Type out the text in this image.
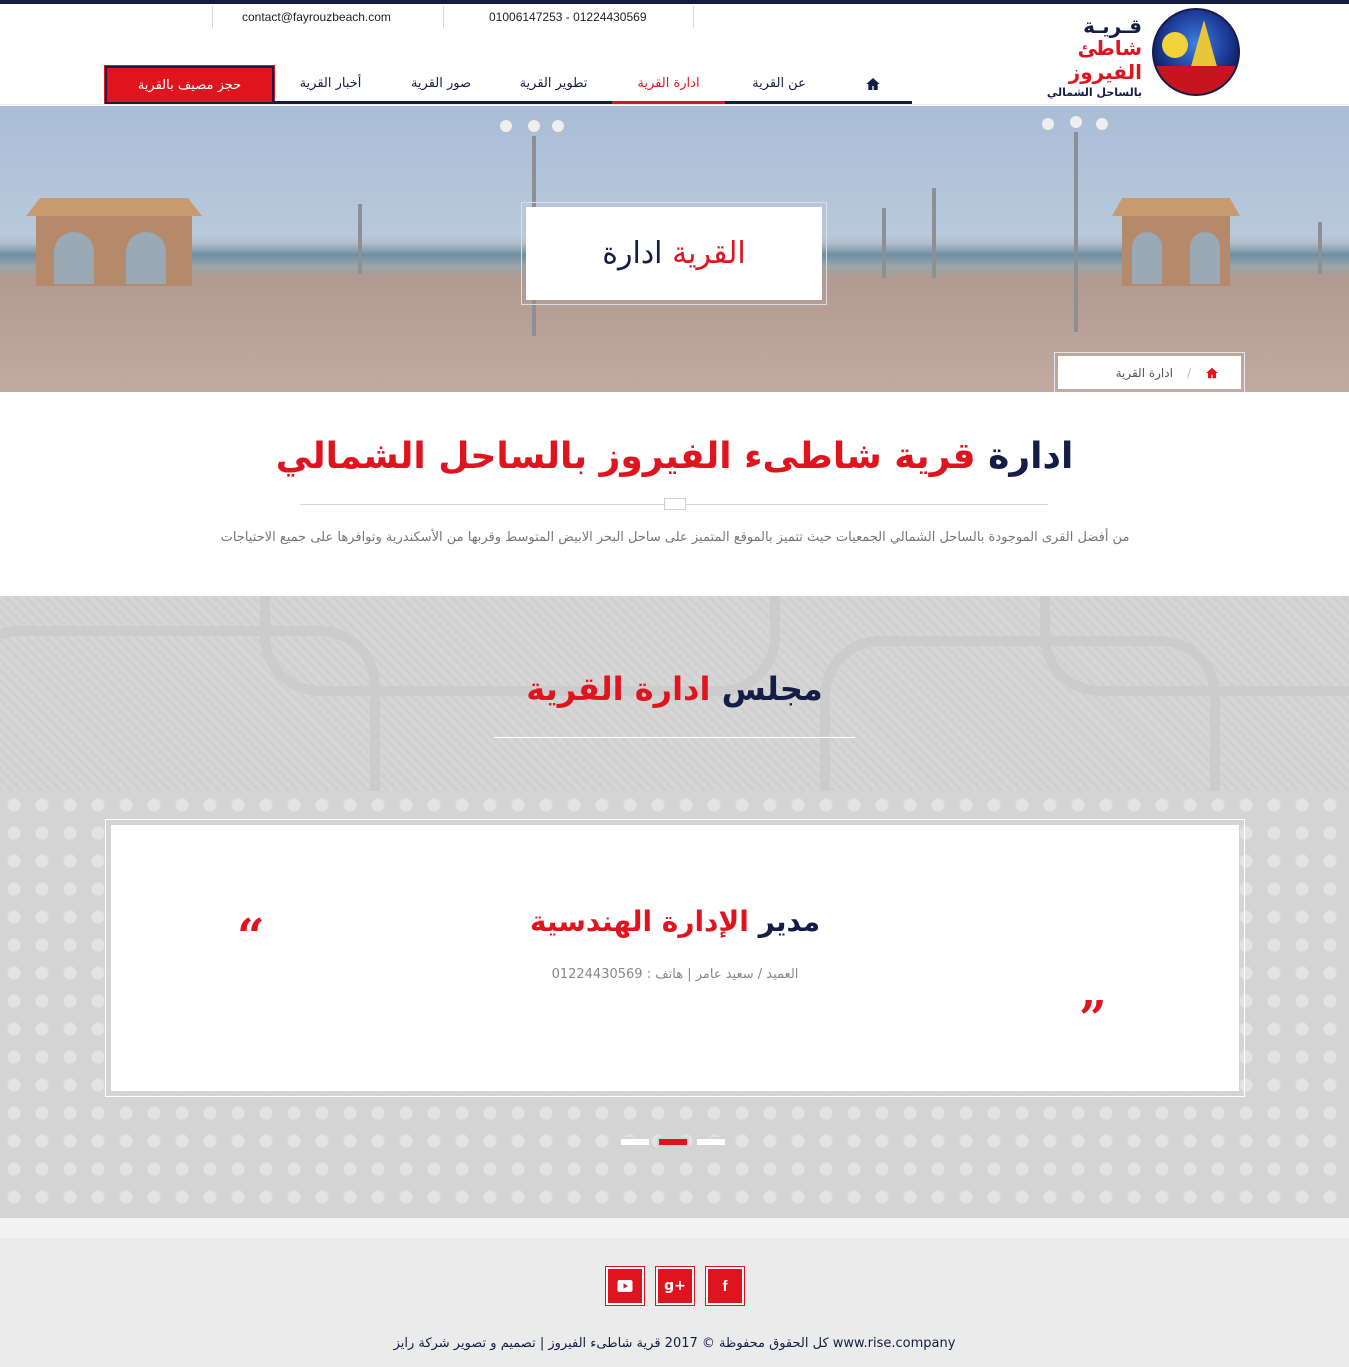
contact@fayrouzbeach.com	01006147253 - 01224430569	قـريـة
شاطئ الفيروز
بالساحل الشمالي
حجز مصيف بالقرية	أخبار القرية	صور القرية	تطوير القرية	ادارة القرية	عن القرية
ادارة
القرية
ادارة القرية /
ادارة قرية شاطىء الفيروز بالساحل الشمالي

من أفضل القرى الموجودة بالساحل الشمالي الجمعيات حيث تتميز بالموقع المتميز على ساحل البحر الابيض المتوسط وقربها من الأسكندرية وتوافرها على جميع الاحتياجات

مجلس ادارة القرية
“	مدير الإدارة الهندسية

العميد / سعيد عامر | هاتف : 01224430569

”
g+ f

كل الحقوق محفوظة © 2017 قرية شاطىء الفيروز | تصميم و تصوير شركة رايز www.rise.company
